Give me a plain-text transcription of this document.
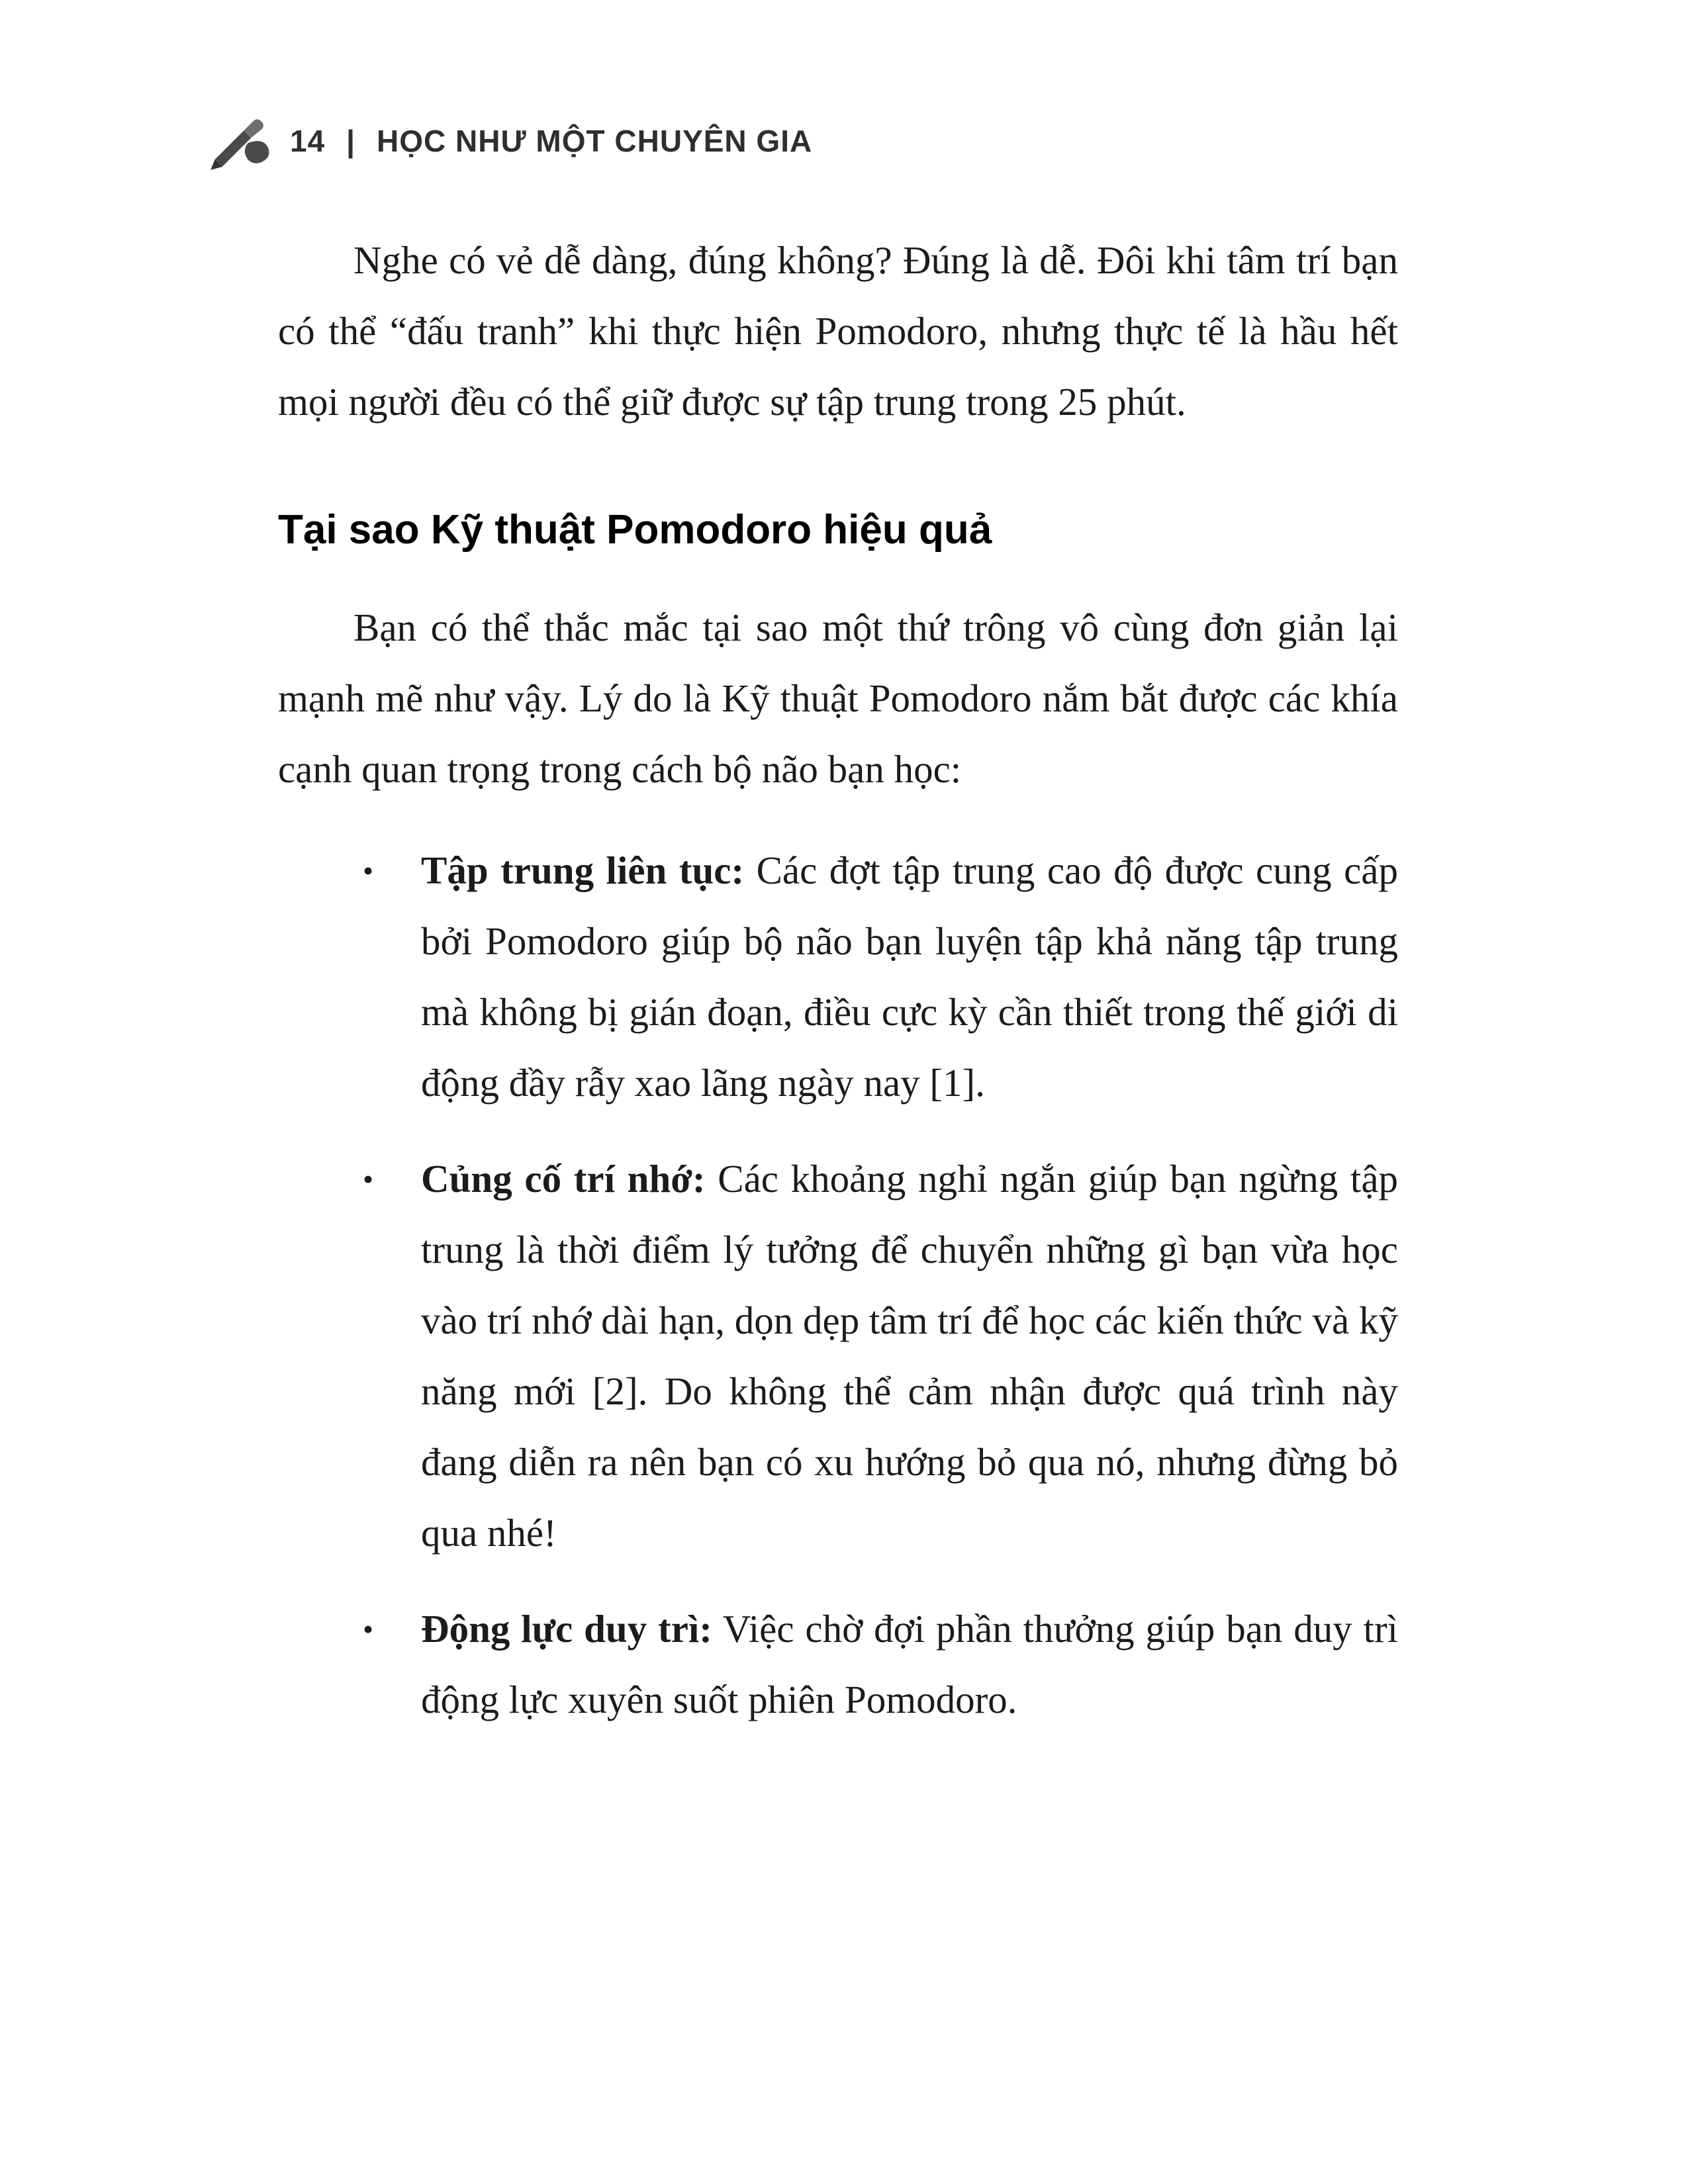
14 | HỌC NHƯ MỘT CHUYÊN GIA

Nghe có vẻ dễ dàng, đúng không? Đúng là dễ. Đôi khi tâm trí bạn có thể “đấu tranh” khi thực hiện Pomodoro, nhưng thực tế là hầu hết mọi người đều có thể giữ được sự tập trung trong 25 phút.

Tại sao Kỹ thuật Pomodoro hiệu quả

Bạn có thể thắc mắc tại sao một thứ trông vô cùng đơn giản lại mạnh mẽ như vậy. Lý do là Kỹ thuật Pomodoro nắm bắt được các khía cạnh quan trọng trong cách bộ não bạn học:

• Tập trung liên tục: Các đợt tập trung cao độ được cung cấp bởi Pomodoro giúp bộ não bạn luyện tập khả năng tập trung mà không bị gián đoạn, điều cực kỳ cần thiết trong thế giới di động đầy rẫy xao lãng ngày nay [1].
• Củng cố trí nhớ: Các khoảng nghỉ ngắn giúp bạn ngừng tập trung là thời điểm lý tưởng để chuyển những gì bạn vừa học vào trí nhớ dài hạn, dọn dẹp tâm trí để học các kiến thức và kỹ năng mới [2]. Do không thể cảm nhận được quá trình này đang diễn ra nên bạn có xu hướng bỏ qua nó, nhưng đừng bỏ qua nhé!
• Động lực duy trì: Việc chờ đợi phần thưởng giúp bạn duy trì động lực xuyên suốt phiên Pomodoro.
